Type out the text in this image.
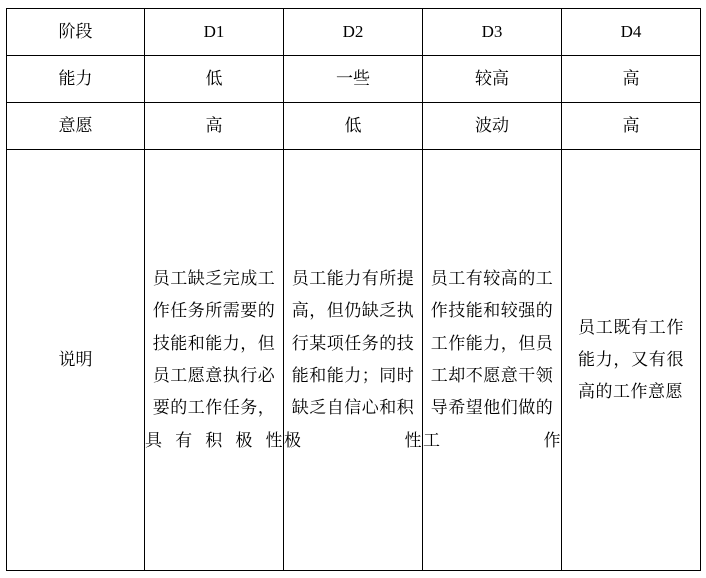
阶段	D1	D2	D3	D4
能力	低	一些	较高	高
意愿	高	低	波动	高
说明	员工缺乏完成工作任务所需要的技能和能力，但员工愿意执行必要的工作任务，具有积极性	员工能力有所提高，但仍缺乏执行某项任务的技能和能力；同时缺乏自信心和积极性	员工有较高的工作技能和较强的工作能力，但员工却不愿意干领导希望他们做的工作	员工既有工作能力，又有很高的工作意愿
